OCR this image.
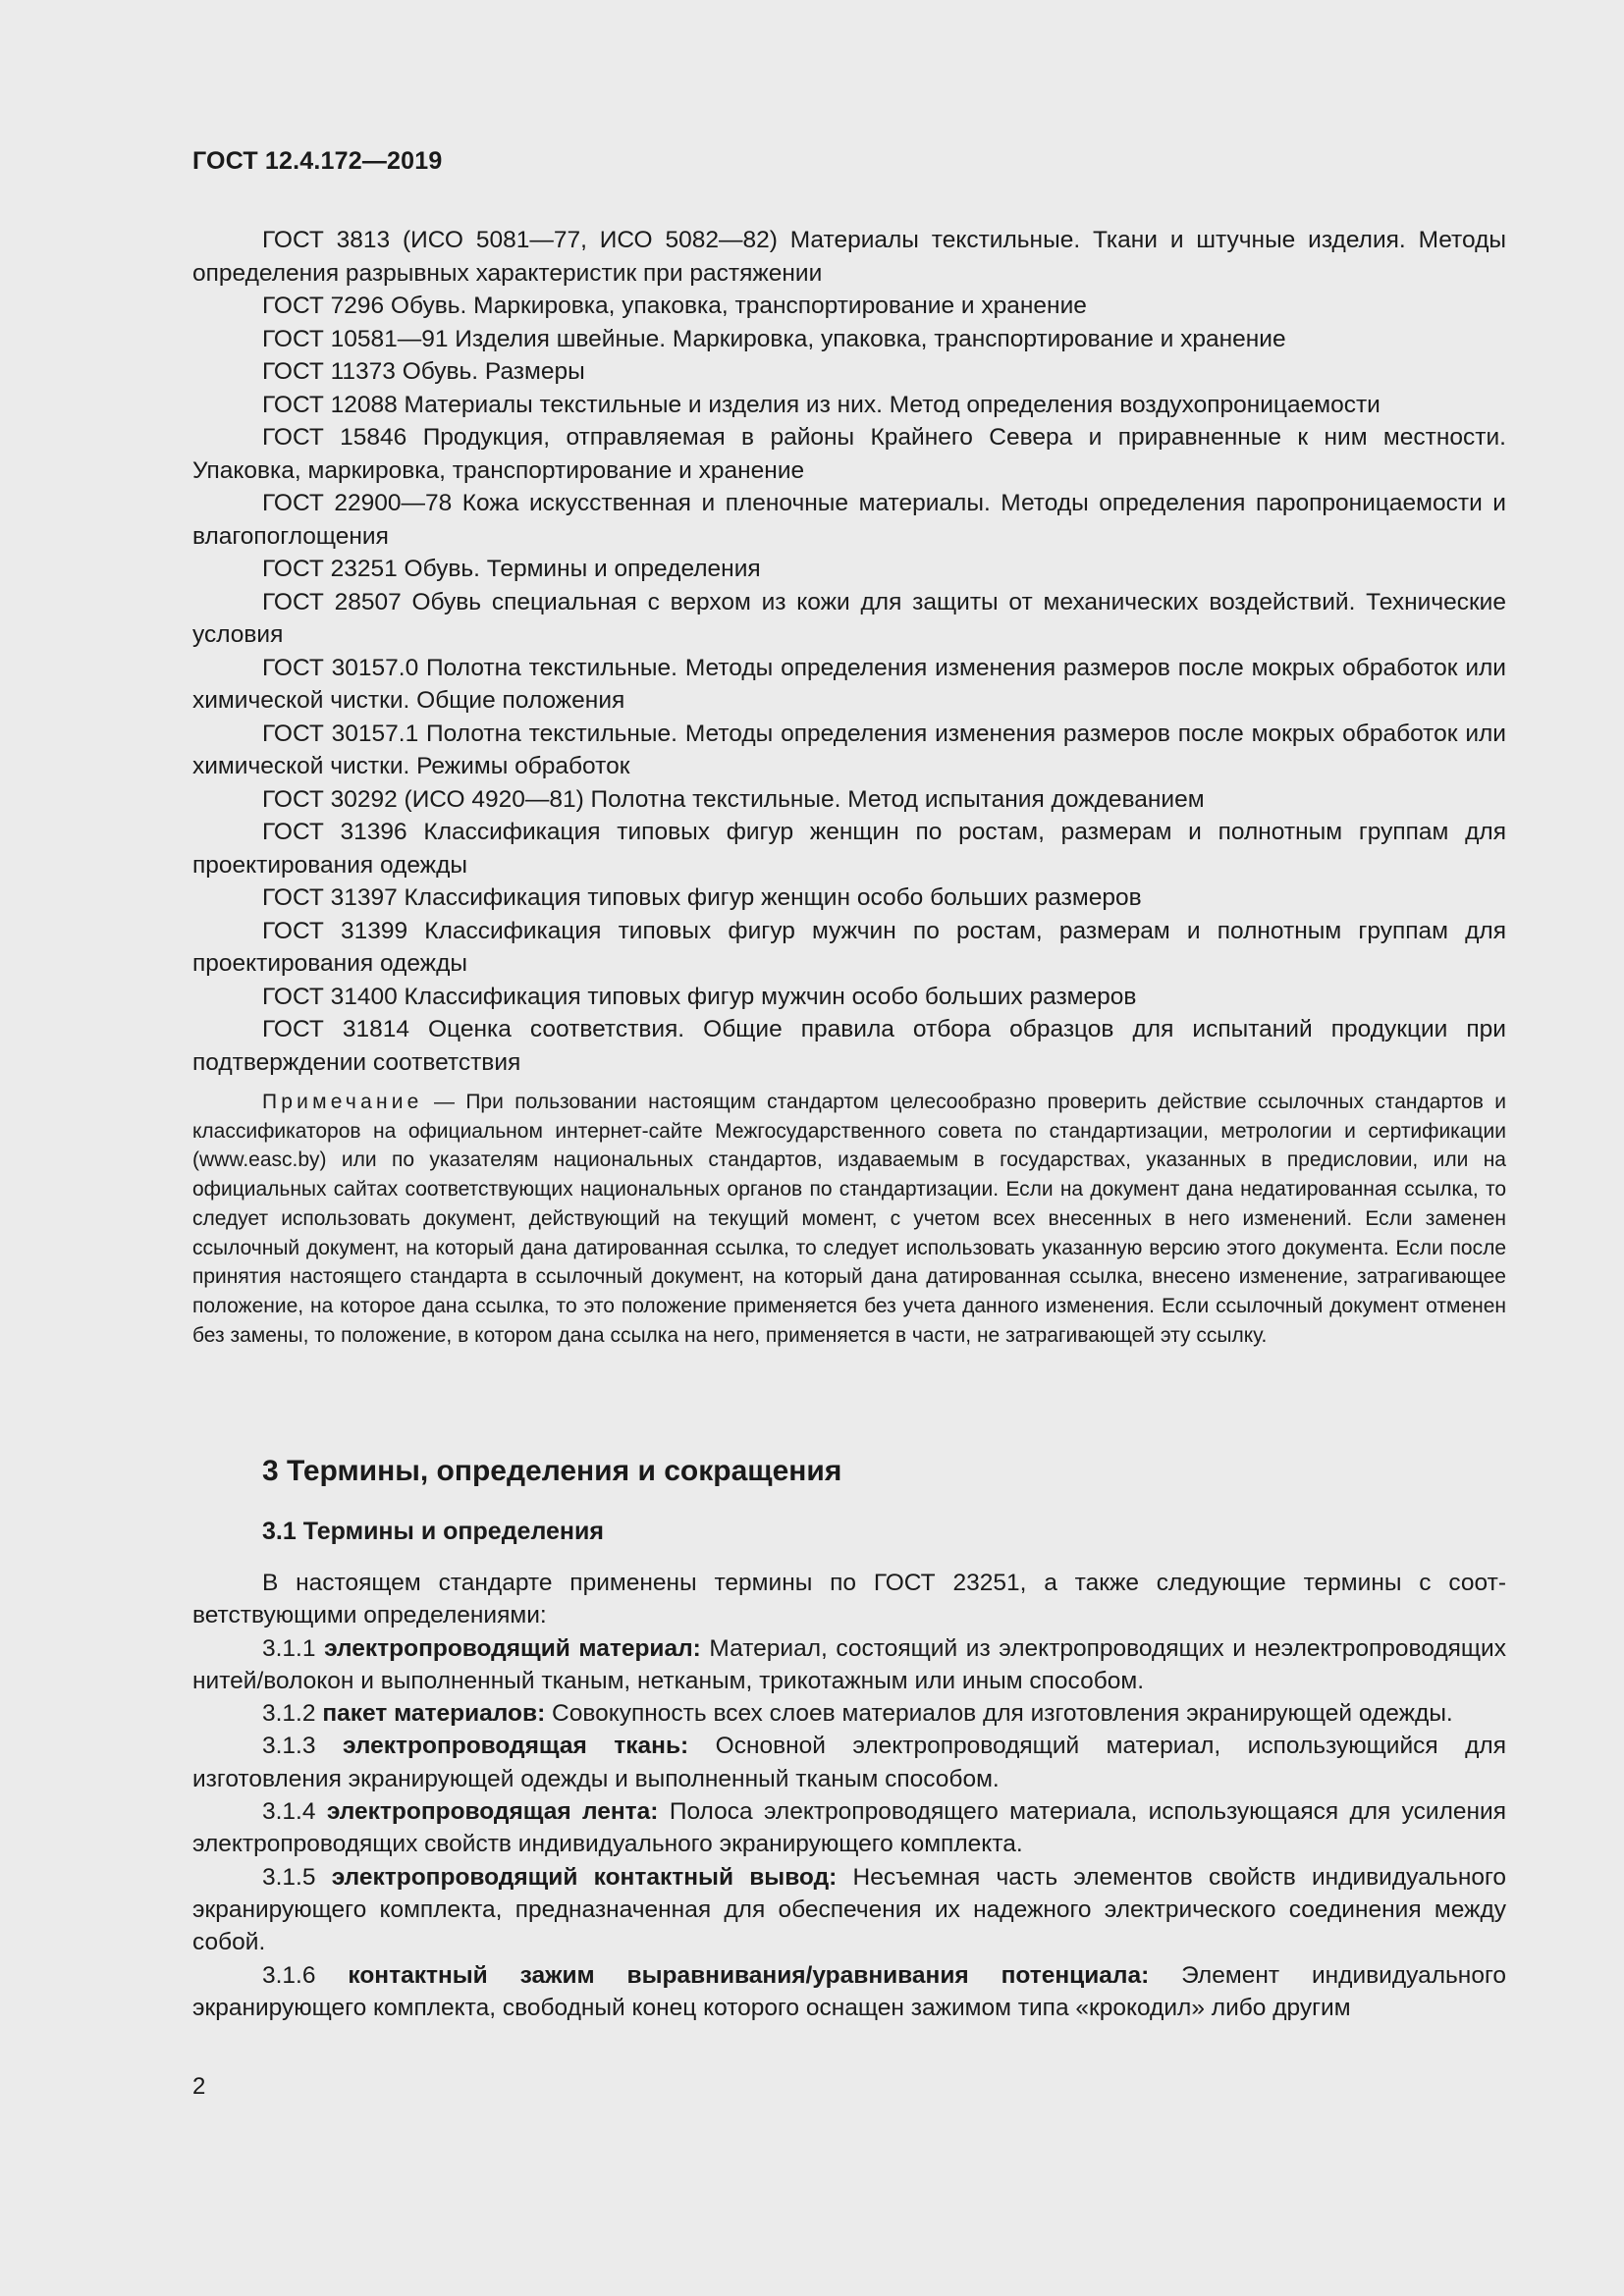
ГОСТ 12.4.172—2019

ГОСТ 3813 (ИСО 5081—77, ИСО 5082—82) Материалы текстильные. Ткани и штучные изделия. Методы определения разрывных характеристик при растяжении

ГОСТ 7296 Обувь. Маркировка, упаковка, транспортирование и хранение

ГОСТ 10581—91 Изделия швейные. Маркировка, упаковка, транспортирование и хранение

ГОСТ 11373 Обувь. Размеры

ГОСТ 12088 Материалы текстильные и изделия из них. Метод определения воздухопроницаемости

ГОСТ 15846 Продукция, отправляемая в районы Крайнего Севера и приравненные к ним местности. Упаковка, маркировка, транспортирование и хранение

ГОСТ 22900—78 Кожа искусственная и пленочные материалы. Методы определения паропроницаемости и влагопоглощения

ГОСТ 23251 Обувь. Термины и определения

ГОСТ 28507 Обувь специальная с верхом из кожи для защиты от механических воздействий. Технические условия

ГОСТ 30157.0 Полотна текстильные. Методы определения изменения размеров после мокрых обработок или химической чистки. Общие положения

ГОСТ 30157.1 Полотна текстильные. Методы определения изменения размеров после мокрых обработок или химической чистки. Режимы обработок

ГОСТ 30292 (ИСО 4920—81) Полотна текстильные. Метод испытания дождеванием

ГОСТ 31396 Классификация типовых фигур женщин по ростам, размерам и полнотным группам для проектирования одежды

ГОСТ 31397 Классификация типовых фигур женщин особо больших размеров

ГОСТ 31399 Классификация типовых фигур мужчин по ростам, размерам и полнотным группам для проектирования одежды

ГОСТ 31400 Классификация типовых фигур мужчин особо больших размеров

ГОСТ 31814 Оценка соответствия. Общие правила отбора образцов для испытаний продукции при подтверждении соответствия

Примечание — При пользовании настоящим стандартом целесообразно проверить действие ссылочных стандартов и классификаторов на официальном интернет-сайте Межгосударственного совета по стандартизации, метрологии и сертификации (www.easc.by) или по указателям национальных стандартов, издаваемым в государствах, указанных в предисловии, или на официальных сайтах соответствующих национальных органов по стандартизации. Если на документ дана недатированная ссылка, то следует использовать документ, действующий на текущий момент, с учетом всех внесенных в него изменений. Если заменен ссылочный документ, на который дана датированная ссылка, то следует использовать указанную версию этого документа. Если после принятия настоящего стандарта в ссылочный документ, на который дана датированная ссылка, внесено изменение, затрагивающее положение, на которое дана ссылка, то это положение применяется без учета данного изменения. Если ссылочный документ отменен без замены, то положение, в котором дана ссылка на него, применяется в части, не затрагивающей эту ссылку.
3 Термины, определения и сокращения
3.1 Термины и определения

В настоящем стандарте применены термины по ГОСТ 23251, а также следующие термины с соответствующими определениями:

3.1.1 электропроводящий материал: Материал, состоящий из электропроводящих и неэлектропроводящих нитей/волокон и выполненный тканым, нетканым, трикотажным или иным способом.

3.1.2 пакет материалов: Совокупность всех слоев материалов для изготовления экранирующей одежды.

3.1.3 электропроводящая ткань: Основной электропроводящий материал, использующийся для изготовления экранирующей одежды и выполненный тканым способом.

3.1.4 электропроводящая лента: Полоса электропроводящего материала, использующаяся для усиления электропроводящих свойств индивидуального экранирующего комплекта.

3.1.5 электропроводящий контактный вывод: Несъемная часть элементов свойств индивидуального экранирующего комплекта, предназначенная для обеспечения их надежного электрического соединения между собой.

3.1.6 контактный зажим выравнивания/уравнивания потенциала: Элемент индивидуального экранирующего комплекта, свободный конец которого оснащен зажимом типа «крокодил» либо другим

2
